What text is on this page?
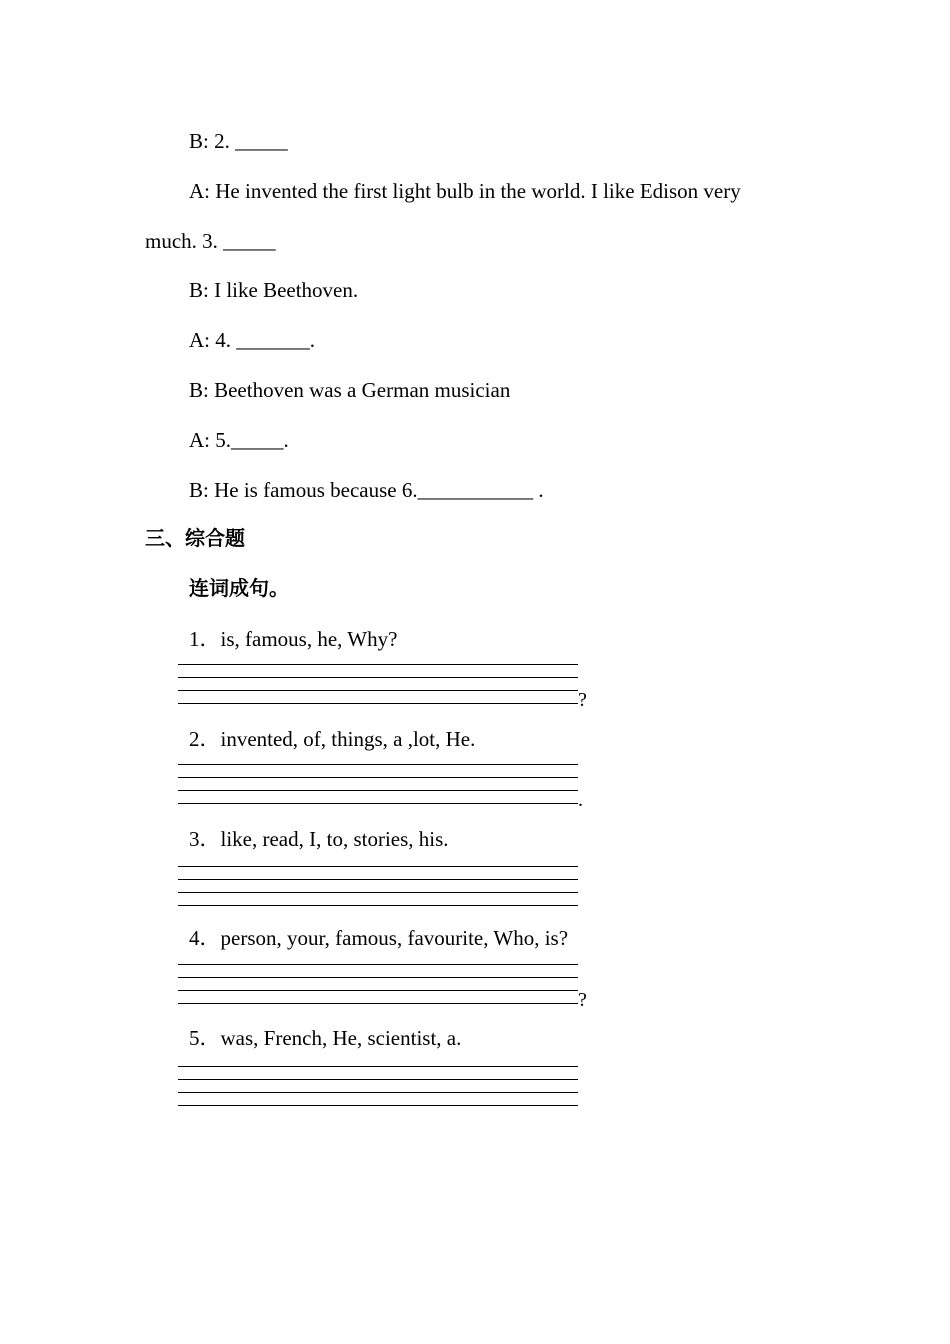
B: 2. _____
A: He invented the first light bulb in the world. I like Edison very
much. 3. _____
B: I like Beethoven.
A: 4. _______.
B: Beethoven was a German musician
A: 5._____.
B: He is famous because 6.___________ .
三、综合题
连词成句。
1．is, famous, he, Why?
?
2．invented, of, things, a ,lot, He.
.
3．like, read, I, to, stories, his.
4．person, your, famous, favourite, Who, is?
?
5．was, French, He, scientist, a.
